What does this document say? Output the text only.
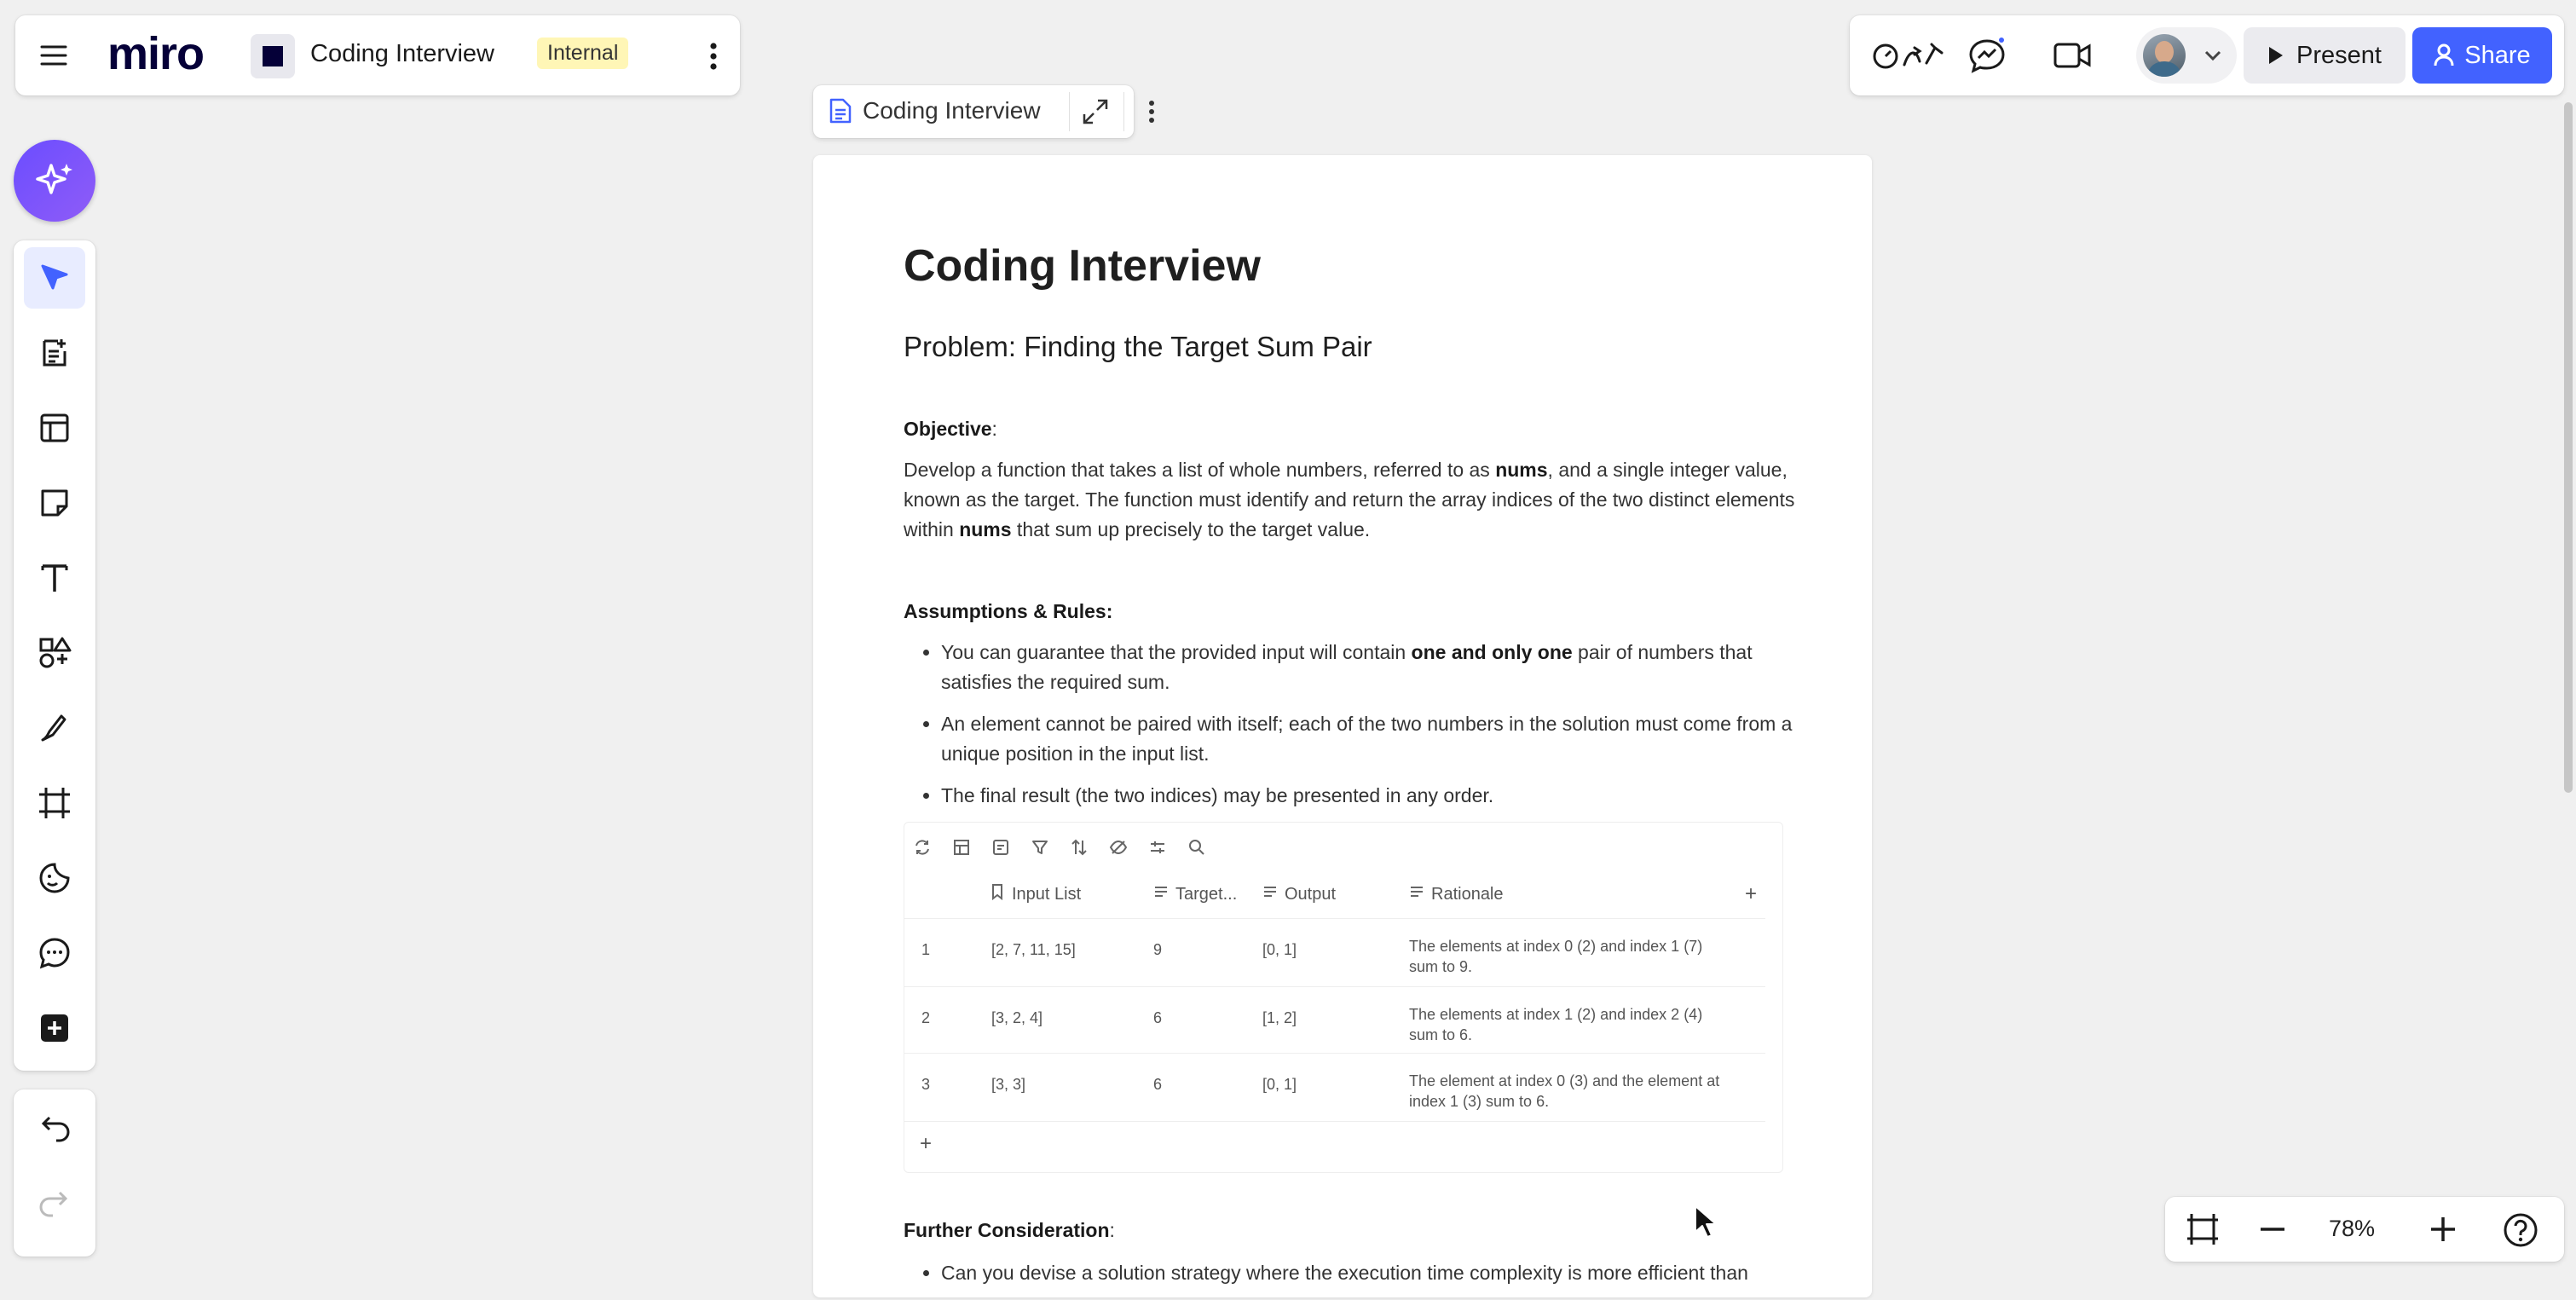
miro	Coding Interview	Internal	Present	Share
Coding Interview
Coding Interview
Problem: Finding the Target Sum Pair
Objective:
Develop a function that takes a list of whole numbers, referred to as nums, and a single integer value, known as the target. The function must identify and return the array indices of the two distinct elements within nums that sum up precisely to the target value.
Assumptions & Rules:
• You can guarantee that the provided input will contain one and only one pair of numbers that satisfies the required sum.
• An element cannot be paired with itself; each of the two numbers in the solution must come from a unique position in the input list.
• The final result (the two indices) may be presented in any order.
Input List	Target...	Output	Rationale	+
1	[2, 7, 11, 15]	9	[0, 1]	The elements at index 0 (2) and index 1 (7) sum to 9.
2	[3, 2, 4]	6	[1, 2]	The elements at index 1 (2) and index 2 (4) sum to 6.
3	[3, 3]	6	[0, 1]	The element at index 0 (3) and the element at index 1 (3) sum to 6.
+
Further Consideration:
• Can you devise a solution strategy where the execution time complexity is more efficient than
78%
